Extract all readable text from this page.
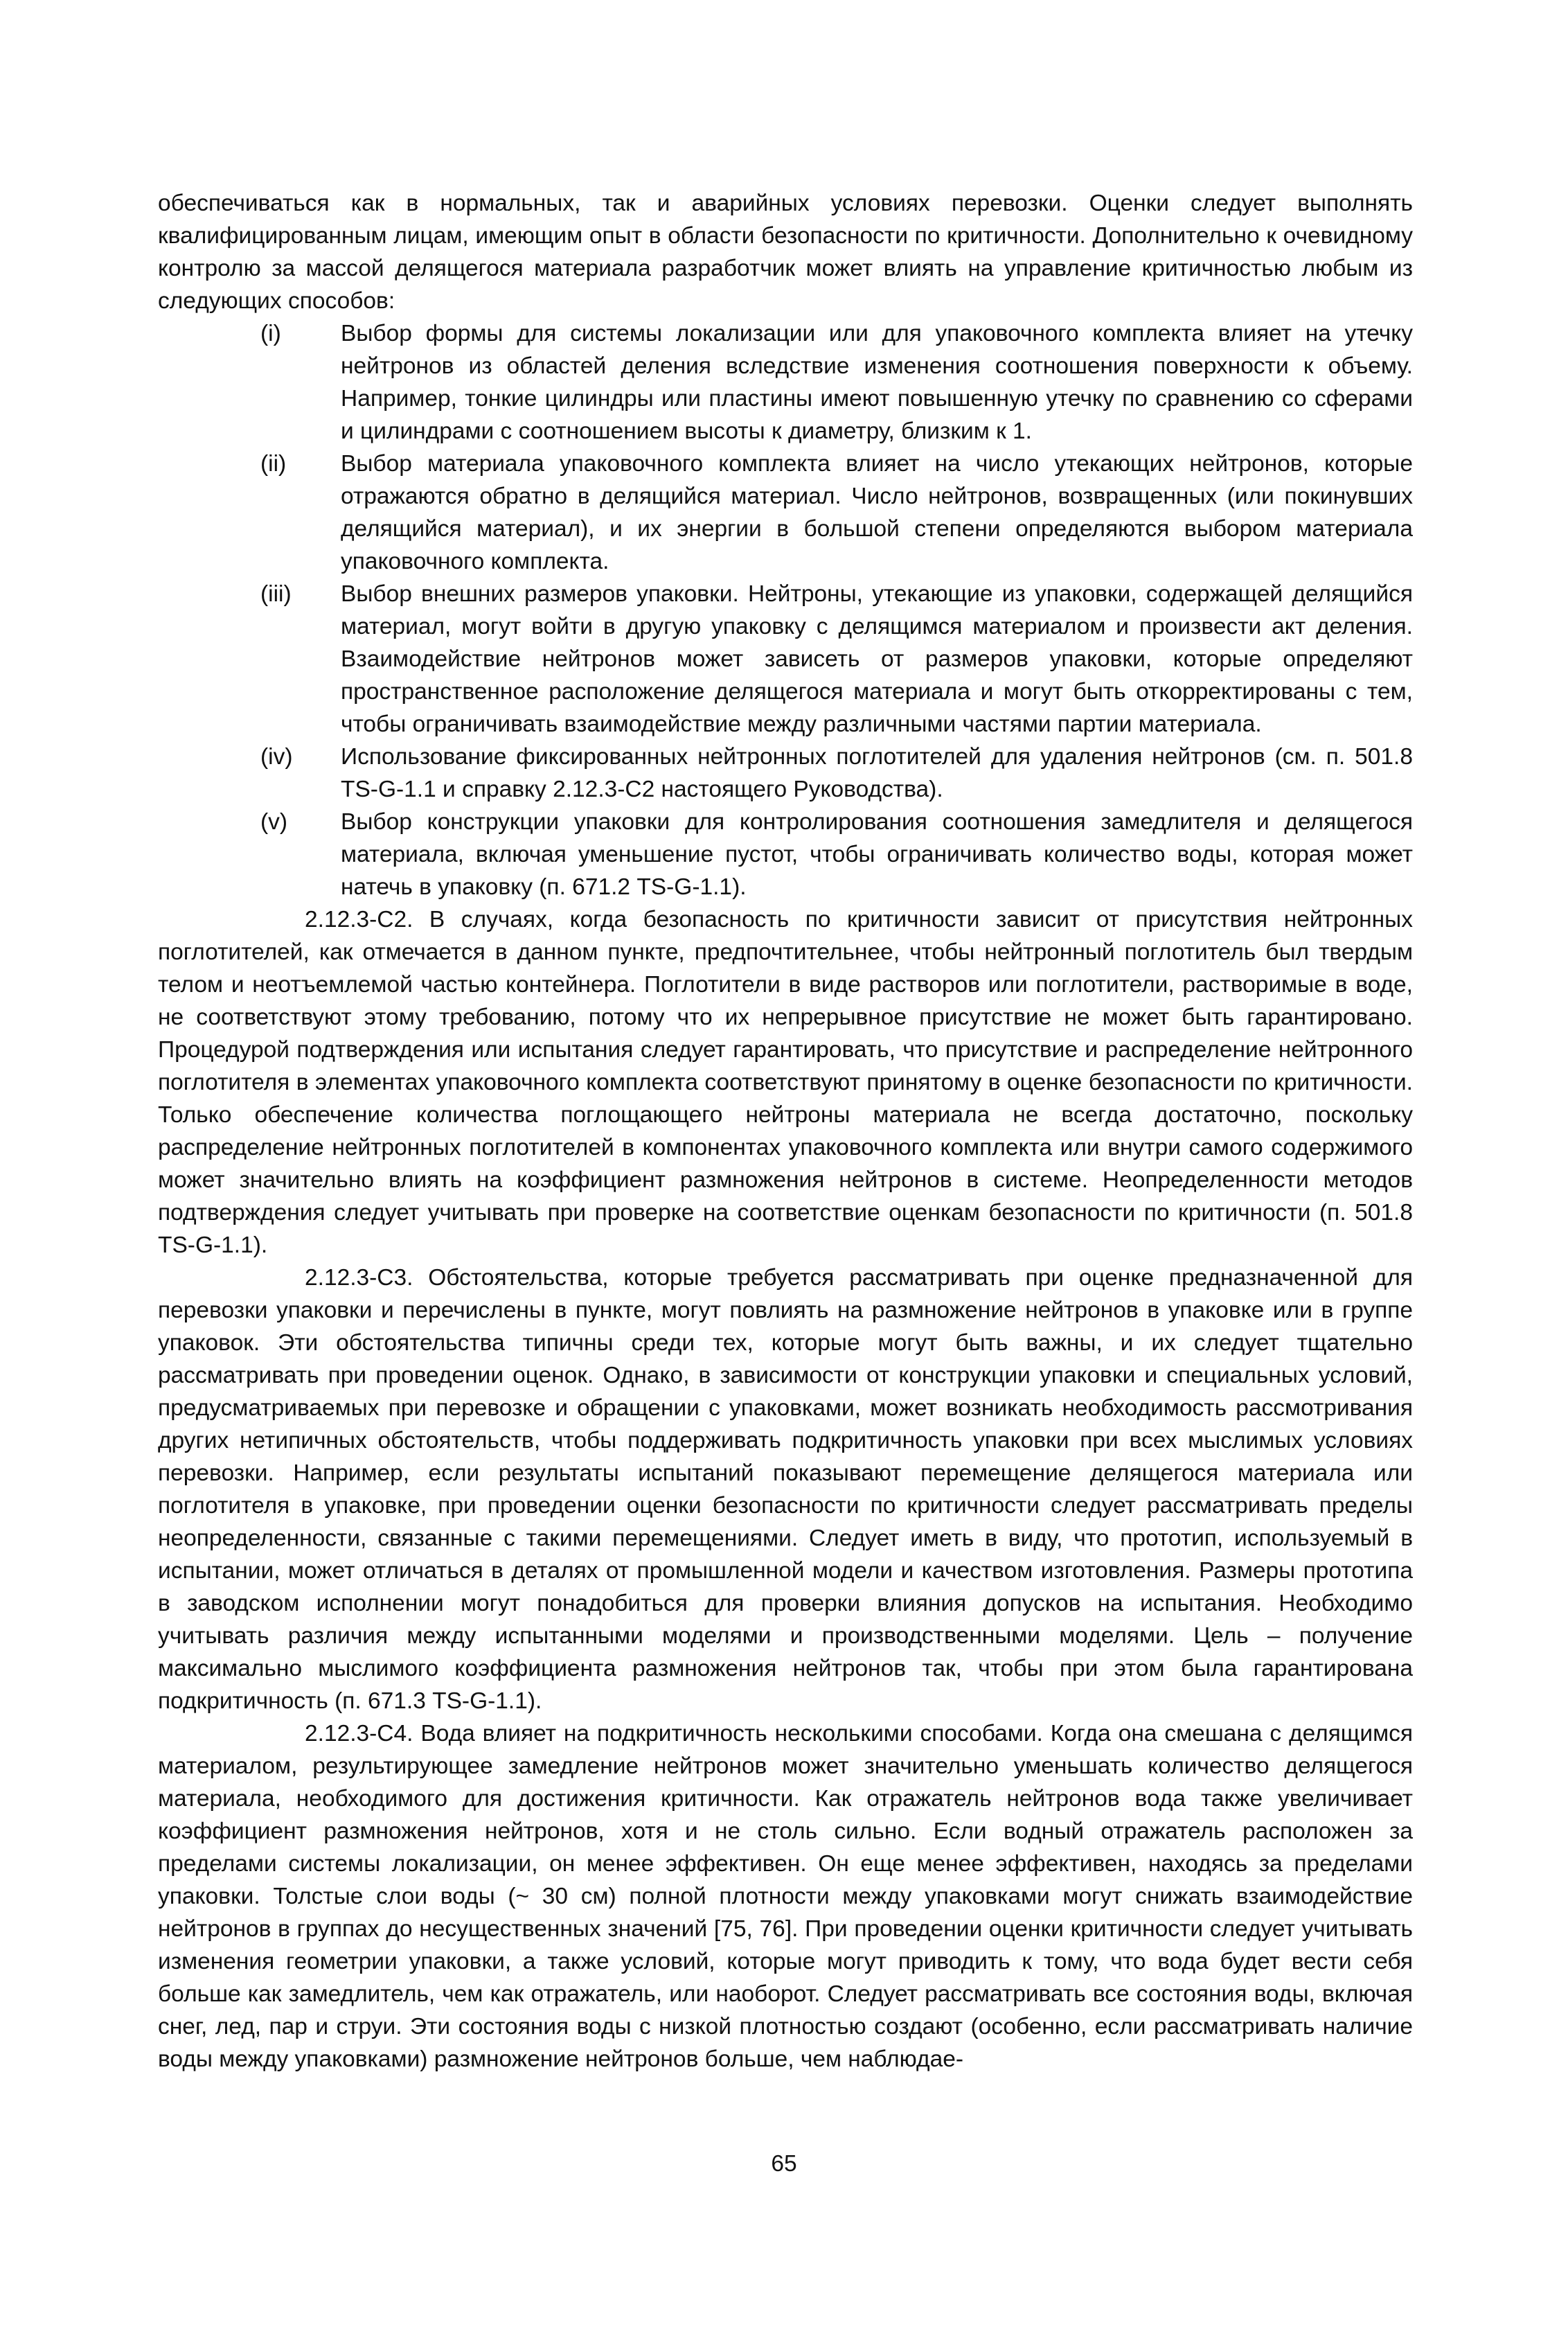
обеспечиваться как в нормальных, так и аварийных условиях перевозки. Оценки следует выполнять квалифицированным лицам, имеющим опыт в области безопасности по критичности. Дополнительно к очевидному контролю за массой делящегося материала разработчик может влиять на управление критичностью любым из следующих способов:

(i)	Выбор формы для системы локализации или для упаковочного комплекта влияет на утечку нейтронов из областей деления вследствие изменения соотношения поверхности к объему. Например, тонкие цилиндры или пластины имеют повышенную утечку по сравнению со сферами и цилиндрами с соотношением высоты к диаметру, близким к 1.
(ii) Выбор материала упаковочного комплекта влияет на число утекающих нейтронов, которые отражаются обратно в делящийся материал. Число нейтронов, возвращенных (или покинувших делящийся материал), и их энергии в большой степени определяются выбором материала упаковочного комплекта.
(iii) Выбор внешних размеров упаковки. Нейтроны, утекающие из упаковки, содержащей делящийся материал, могут войти в другую упаковку с делящимся материалом и произвести акт деления. Взаимодействие нейтронов может зависеть от размеров упаковки, которые определяют пространственное расположение делящегося материала и могут быть откорректированы с тем, чтобы ограничивать взаимодействие между различными частями партии материала.
(iv) Использование фиксированных нейтронных поглотителей для удаления нейтронов (см. п. 501.8 TS-G-1.1 и справку 2.12.3-C2 настоящего Руководства).
(v) Выбор конструкции упаковки для контролирования соотношения замедлителя и делящегося материала, включая уменьшение пустот, чтобы ограничивать количество воды, которая может натечь в упаковку (п. 671.2 TS-G-1.1).

2.12.3-C2. В случаях, когда безопасность по критичности зависит от присутствия нейтронных поглотителей, как отмечается в данном пункте, предпочтительнее, чтобы нейтронный поглотитель был твердым телом и неотъемлемой частью контейнера. Поглотители в виде растворов или поглотители, растворимые в воде, не соответствуют этому требованию, потому что их непрерывное присутствие не может быть гарантировано. Процедурой подтверждения или испытания следует гарантировать, что присутствие и распределение нейтронного поглотителя в элементах упаковочного комплекта соответствуют принятому в оценке безопасности по критичности. Только обеспечение количества поглощающего нейтроны материала не всегда достаточно, поскольку распределение нейтронных поглотителей в компонентах упаковочного комплекта или внутри самого содержимого может значительно влиять на коэффициент размножения нейтронов в системе. Неопределенности методов подтверждения следует учитывать при проверке на соответствие оценкам безопасности по критичности (п. 501.8 TS-G-1.1).

2.12.3-C3. Обстоятельства, которые требуется рассматривать при оценке предназначенной для перевозки упаковки и перечислены в пункте, могут повлиять на размножение нейтронов в упаковке или в группе упаковок. Эти обстоятельства типичны среди тех, которые могут быть важны, и их следует тщательно рассматривать при проведении оценок. Однако, в зависимости от конструкции упаковки и специальных условий, предусматриваемых при перевозке и обращении с упаковками, может возникать необходимость рассмотривания других нетипичных обстоятельств, чтобы поддерживать подкритичность упаковки при всех мыслимых условиях перевозки. Например, если результаты испытаний показывают перемещение делящегося материала или поглотителя в упаковке, при проведении оценки безопасности по критичности следует рассматривать пределы неопределенности, связанные с такими перемещениями. Следует иметь в виду, что прототип, используемый в испытании, может отличаться в деталях от промышленной модели и качеством изготовления. Размеры прототипа в заводском исполнении могут понадобиться для проверки влияния допусков на испытания. Необходимо учитывать различия между испытанными моделями и производственными моделями. Цель – получение максимально мыслимого коэффициента размножения нейтронов так, чтобы при этом была гарантирована подкритичность (п. 671.3 TS-G-1.1).

2.12.3-C4. Вода влияет на подкритичность несколькими способами. Когда она смешана с делящимся материалом, результирующее замедление нейтронов может значительно уменьшать количество делящегося материала, необходимого для достижения критичности. Как отражатель нейтронов вода также увеличивает коэффициент размножения нейтронов, хотя и не столь сильно. Если водный отражатель расположен за пределами системы локализации, он менее эффективен. Он еще менее эффективен, находясь за пределами упаковки. Толстые слои воды (~ 30 см) полной плотности между упаковками могут снижать взаимодействие нейтронов в группах до несущественных значений [75, 76]. При проведении оценки критичности следует учитывать изменения геометрии упаковки, а также условий, которые могут приводить к тому, что вода будет вести себя больше как замедлитель, чем как отражатель, или наоборот. Следует рассматривать все состояния воды, включая снег, лед, пар и струи. Эти состояния воды с низкой плотностью создают (особенно, если рассматривать наличие воды между упаковками) размножение нейтронов больше, чем наблюдае-

65
